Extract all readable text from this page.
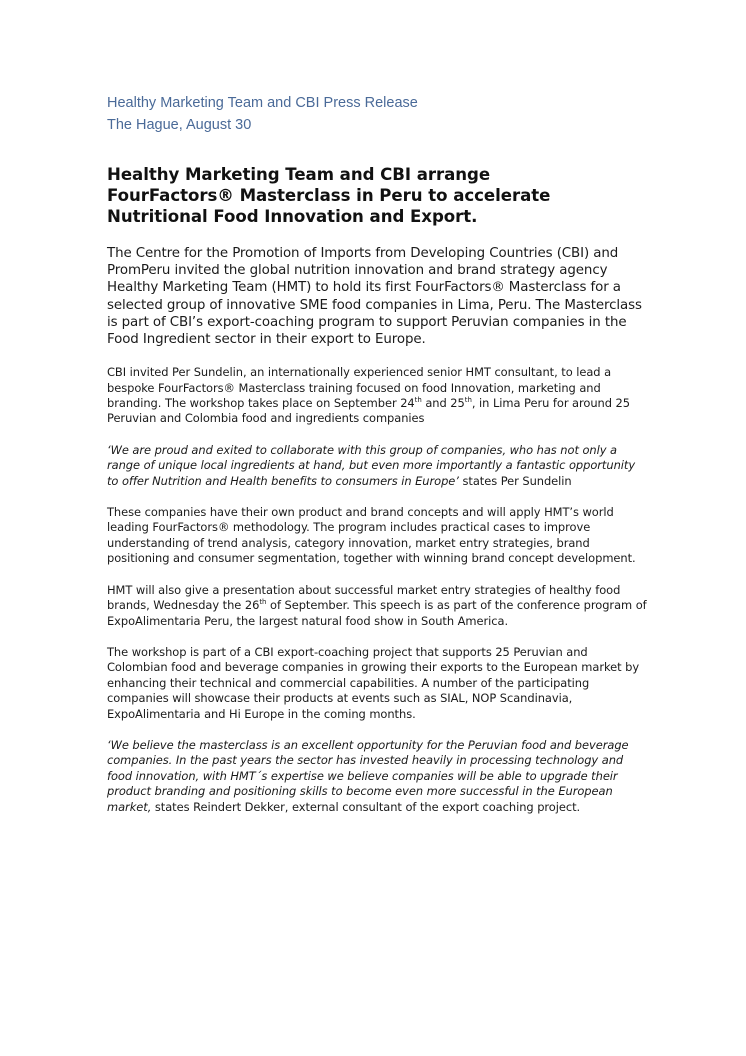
Healthy Marketing Team and CBI Press Release
The Hague, August 30

Healthy Marketing Team and CBI arrange
FourFactors® Masterclass in Peru to accelerate
Nutritional Food Innovation and Export.

The Centre for the Promotion of Imports from Developing Countries (CBI) and PromPeru invited the global nutrition innovation and brand strategy agency Healthy Marketing Team (HMT) to hold its first FourFactors® Masterclass for a selected group of innovative SME food companies in Lima, Peru. The Masterclass is part of CBI’s export-coaching program to support Peruvian companies in the Food Ingredient sector in their export to Europe.

CBI invited Per Sundelin, an internationally experienced senior HMT consultant, to lead a bespoke FourFactors® Masterclass training focused on food Innovation, marketing and branding. The workshop takes place on September 24th and 25th, in Lima Peru for around 25 Peruvian and Colombia food and ingredients companies

‘We are proud and exited to collaborate with this group of companies, who has not only a range of unique local ingredients at hand, but even more importantly a fantastic opportunity to offer Nutrition and Health benefits to consumers in Europe’ states Per Sundelin

These companies have their own product and brand concepts and will apply HMT’s world leading FourFactors® methodology. The program includes practical cases to improve understanding of trend analysis, category innovation, market entry strategies, brand positioning and consumer segmentation, together with winning brand concept development.

HMT will also give a presentation about successful market entry strategies of healthy food brands, Wednesday the 26th of September. This speech is as part of the conference program of ExpoAlimentaria Peru, the largest natural food show in South America.

The workshop is part of a CBI export-coaching project that supports 25 Peruvian and Colombian food and beverage companies in growing their exports to the European market by enhancing their technical and commercial capabilities. A number of the participating companies will showcase their products at events such as SIAL, NOP Scandinavia, ExpoAlimentaria and Hi Europe in the coming months.

‘We believe the masterclass is an excellent opportunity for the Peruvian food and beverage companies. In the past years the sector has invested heavily in processing technology and food innovation, with HMT´s expertise we believe companies will be able to upgrade their product branding and positioning skills to become even more successful in the European market, states Reindert Dekker, external consultant of the export coaching project.
